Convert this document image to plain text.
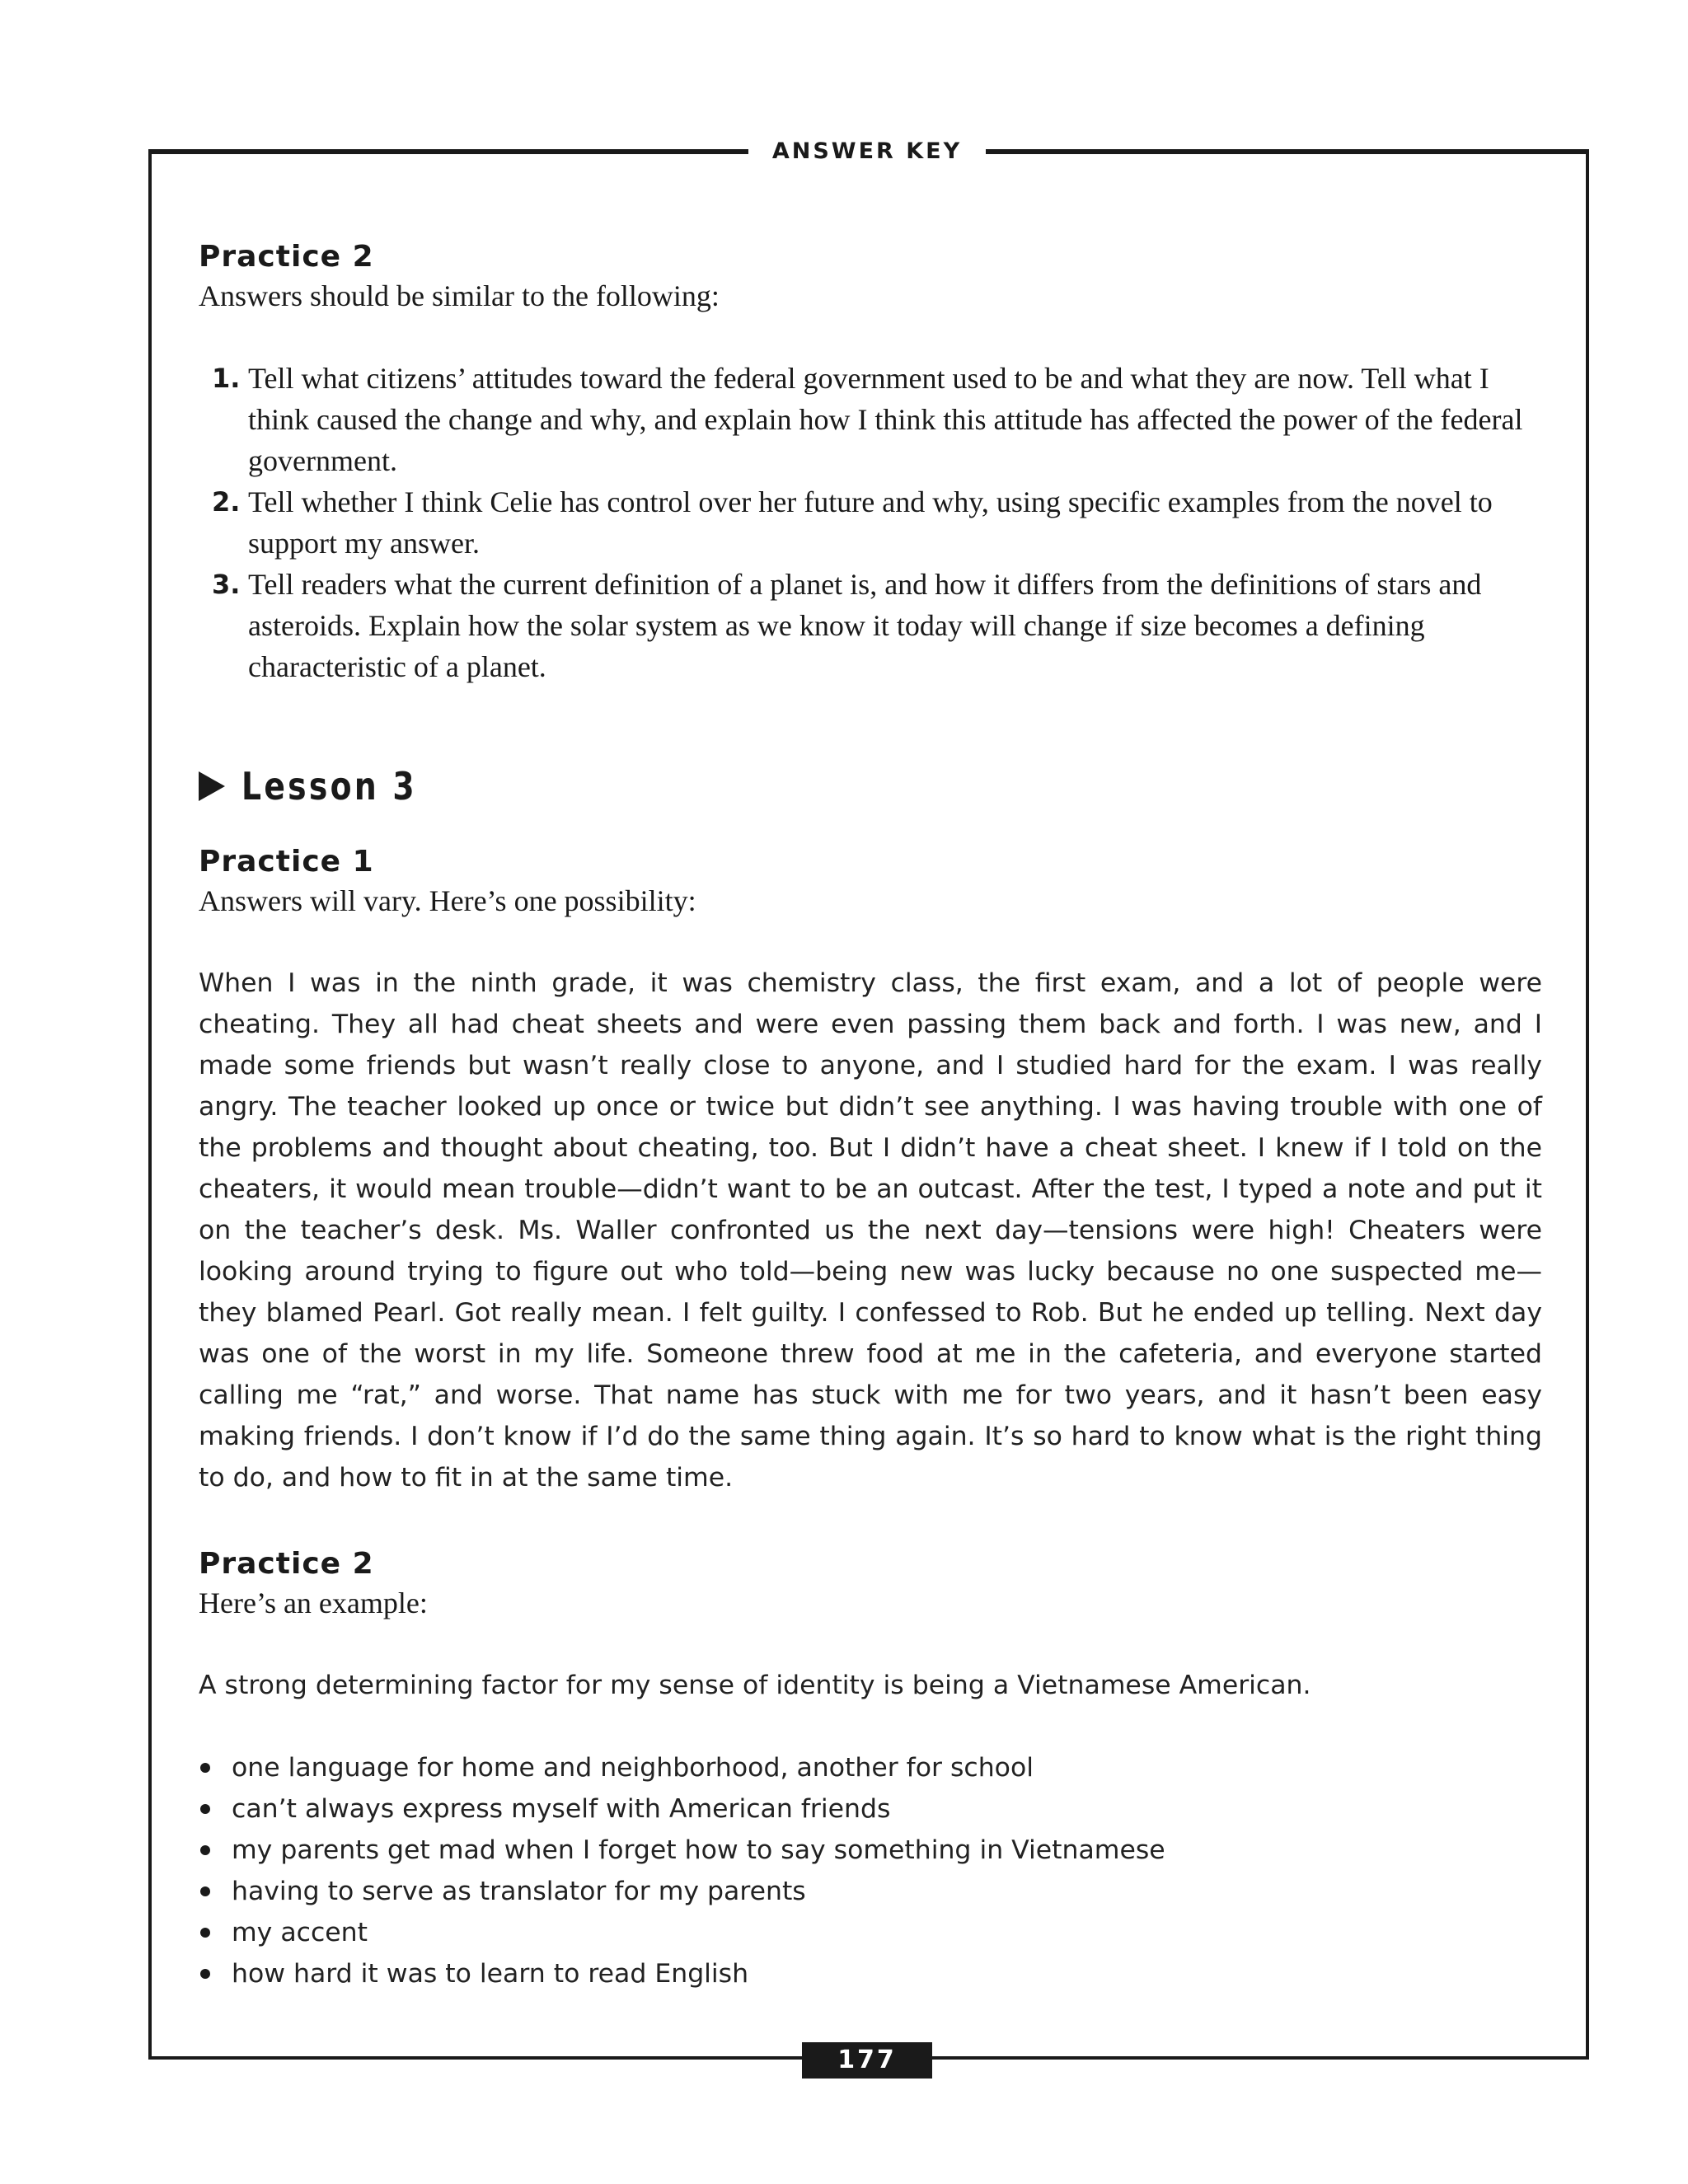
ANSWER KEY
Practice 2

Answers should be similar to the following:

1. Tell what citizens’ attitudes toward the federal government used to be and what they are now. Tell what I think caused the change and why, and explain how I think this attitude has affected the power of the federal government.
2. Tell whether I think Celie has control over her future and why, using specific examples from the novel to support my answer.
3. Tell readers what the current definition of a planet is, and how it differs from the definitions of stars and asteroids. Explain how the solar system as we know it today will change if size becomes a defining characteristic of a planet.
Lesson 3
Practice 1

Answers will vary. Here’s one possibility:

When I was in the ninth grade, it was chemistry class, the first exam, and a lot of people were cheating. They all had cheat sheets and were even passing them back and forth. I was new, and I made some friends but wasn’t really close to anyone, and I studied hard for the exam. I was really angry. The teacher looked up once or twice but didn’t see anything. I was having trouble with one of the problems and thought about cheating, too. But I didn’t have a cheat sheet. I knew if I told on the cheaters, it would mean trouble—didn’t want to be an outcast. After the test, I typed a note and put it on the teacher’s desk. Ms. Waller confronted us the next day—tensions were high! Cheaters were looking around trying to figure out who told—being new was lucky because no one suspected me—they blamed Pearl. Got really mean. I felt guilty. I confessed to Rob. But he ended up telling. Next day was one of the worst in my life. Someone threw food at me in the cafeteria, and everyone started calling me “rat,” and worse. That name has stuck with me for two years, and it hasn’t been easy making friends. I don’t know if I’d do the same thing again. It’s so hard to know what is the right thing to do, and how to fit in at the same time.

Practice 2

Here’s an example:

A strong determining factor for my sense of identity is being a Vietnamese American.

one language for home and neighborhood, another for school
can’t always express myself with American friends
my parents get mad when I forget how to say something in Vietnamese
having to serve as translator for my parents
my accent
how hard it was to learn to read English
177
